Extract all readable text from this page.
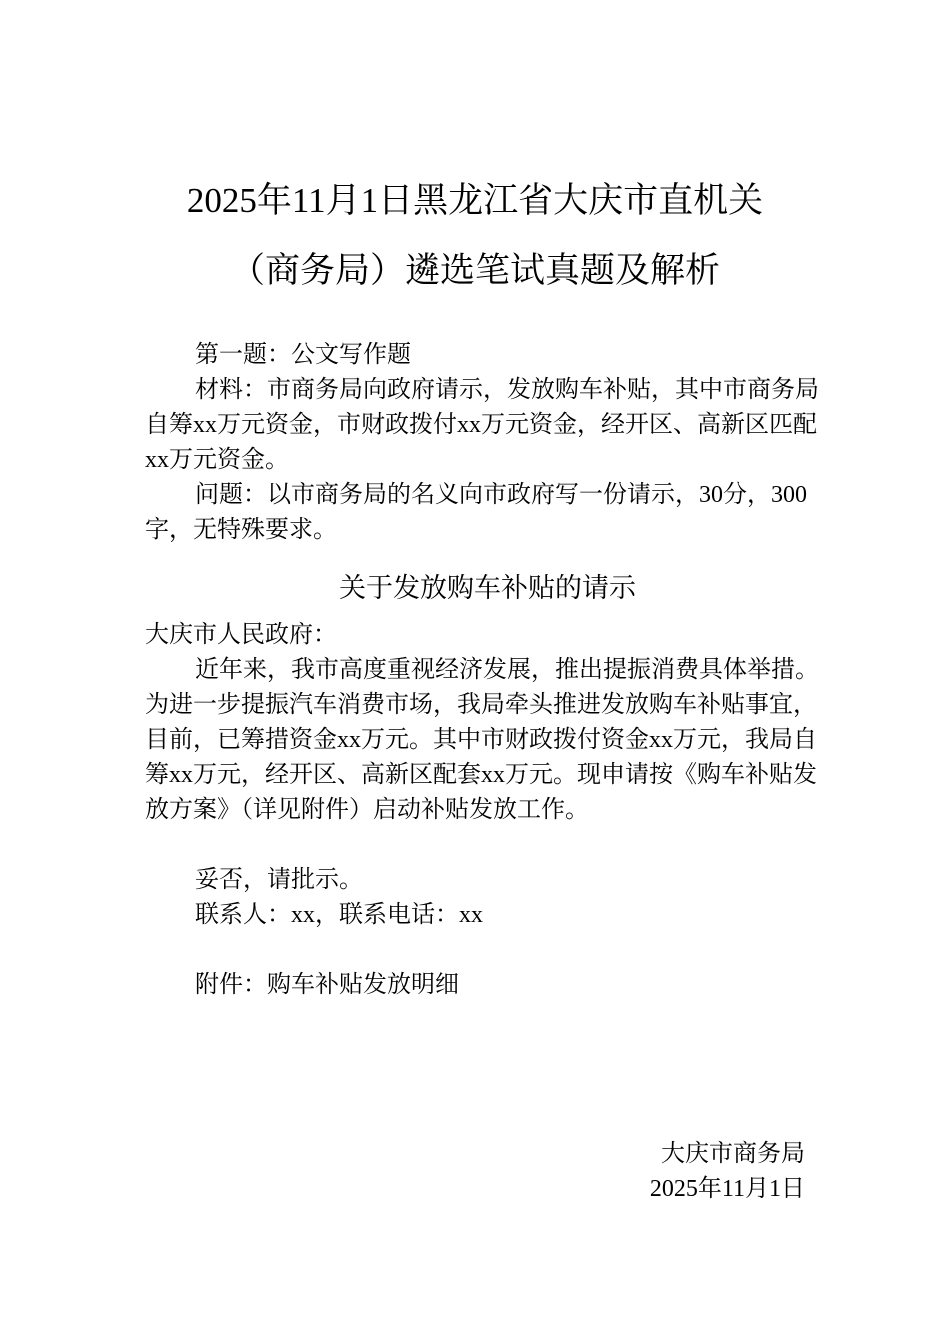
2025年11月1日黑龙江省大庆市直机关
（商务局）遴选笔试真题及解析

第一题：公文写作题

材料：市商务局向政府请示，发放购车补贴，其中市商务局自筹xx万元资金，市财政拨付xx万元资金，经开区、高新区匹配xx万元资金。

问题：以市商务局的名义向市政府写一份请示，30分，300字，无特殊要求。

关于发放购车补贴的请示

大庆市人民政府：

近年来，我市高度重视经济发展，推出提振消费具体举措。为进一步提振汽车消费市场，我局牵头推进发放购车补贴事宜，目前，已筹措资金xx万元。其中市财政拨付资金xx万元，我局自筹xx万元，经开区、高新区配套xx万元。现申请按《购车补贴发放方案》（详见附件）启动补贴发放工作。

妥否，请批示。

联系人：xx，联系电话：xx

附件：购车补贴发放明细

大庆市商务局
2025年11月1日
